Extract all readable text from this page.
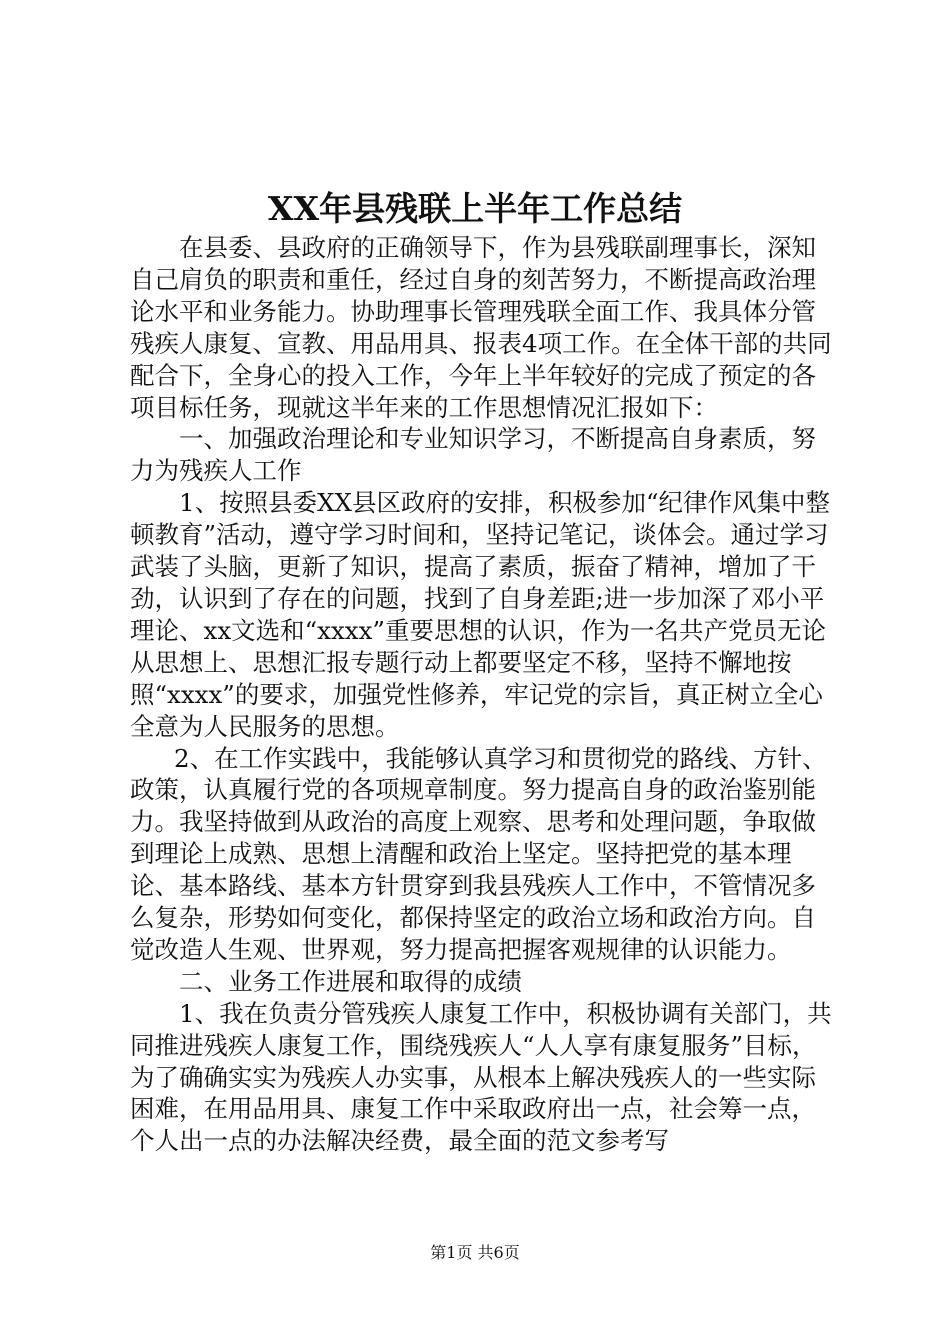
XX年县残联上半年工作总结

在县委、县政府的正确领导下，作为县残联副理事长，深知自己肩负的职责和重任，经过自身的刻苦努力，不断提高政治理论水平和业务能力。协助理事长管理残联全面工作、我具体分管残疾人康复、宣教、用品用具、报表4项工作。在全体干部的共同配合下，全身心的投入工作，今年上半年较好的完成了预定的各项目标任务，现就这半年来的工作思想情况汇报如下：

一、加强政治理论和专业知识学习，不断提高自身素质，努力为残疾人工作

1、按照县委XX县区政府的安排，积极参加“纪律作风集中整顿教育”活动，遵守学习时间和，坚持记笔记，谈体会。通过学习武装了头脑，更新了知识，提高了素质，振奋了精神，增加了干劲，认识到了存在的问题，找到了自身差距;进一步加深了邓小平理论、xx文选和“xxxx”重要思想的认识，作为一名共产党员无论从思想上、思想汇报专题行动上都要坚定不移，坚持不懈地按照“xxxx”的要求，加强党性修养，牢记党的宗旨，真正树立全心全意为人民服务的思想。

2、在工作实践中，我能够认真学习和贯彻党的路线、方针、政策，认真履行党的各项规章制度。努力提高自身的政治鉴别能力。我坚持做到从政治的高度上观察、思考和处理问题，争取做到理论上成熟、思想上清醒和政治上坚定。坚持把党的基本理论、基本路线、基本方针贯穿到我县残疾人工作中，不管情况多么复杂，形势如何变化，都保持坚定的政治立场和政治方向。自觉改造人生观、世界观，努力提高把握客观规律的认识能力。

二、业务工作进展和取得的成绩

1、我在负责分管残疾人康复工作中，积极协调有关部门，共同推进残疾人康复工作，围绕残疾人“人人享有康复服务”目标，为了确确实实为残疾人办实事，从根本上解决残疾人的一些实际困难，在用品用具、康复工作中采取政府出一点，社会筹一点，个人出一点的办法解决经费，最全面的范文参考写

第1页 共6页
